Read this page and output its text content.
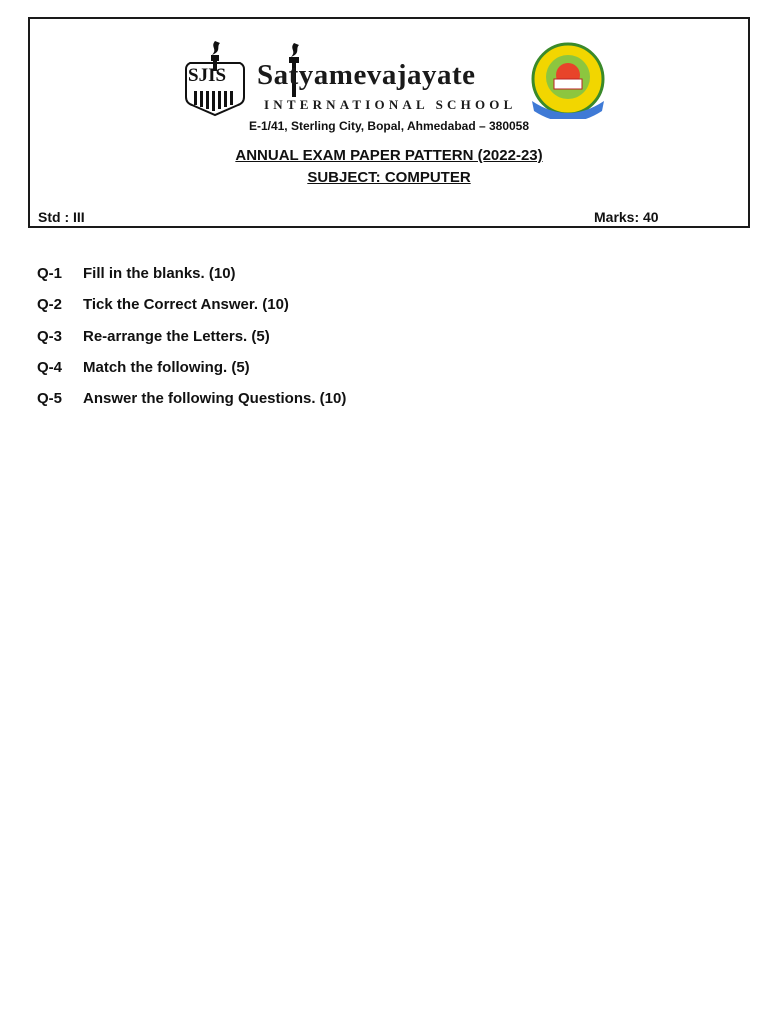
SJIS Satyamevajayate
INTERNATIONAL SCHOOL
E-1/41, Sterling City, Bopal, Ahmedabad – 380058
ANNUAL EXAM PAPER PATTERN (2022-23)
SUBJECT: COMPUTER
Std : III	Marks: 40
Q-1	Fill in the blanks. (10)
Q-2	Tick the Correct Answer. (10)
Q-3	Re-arrange the Letters. (5)
Q-4	Match the following. (5)
Q-5	Answer the following Questions. (10)
